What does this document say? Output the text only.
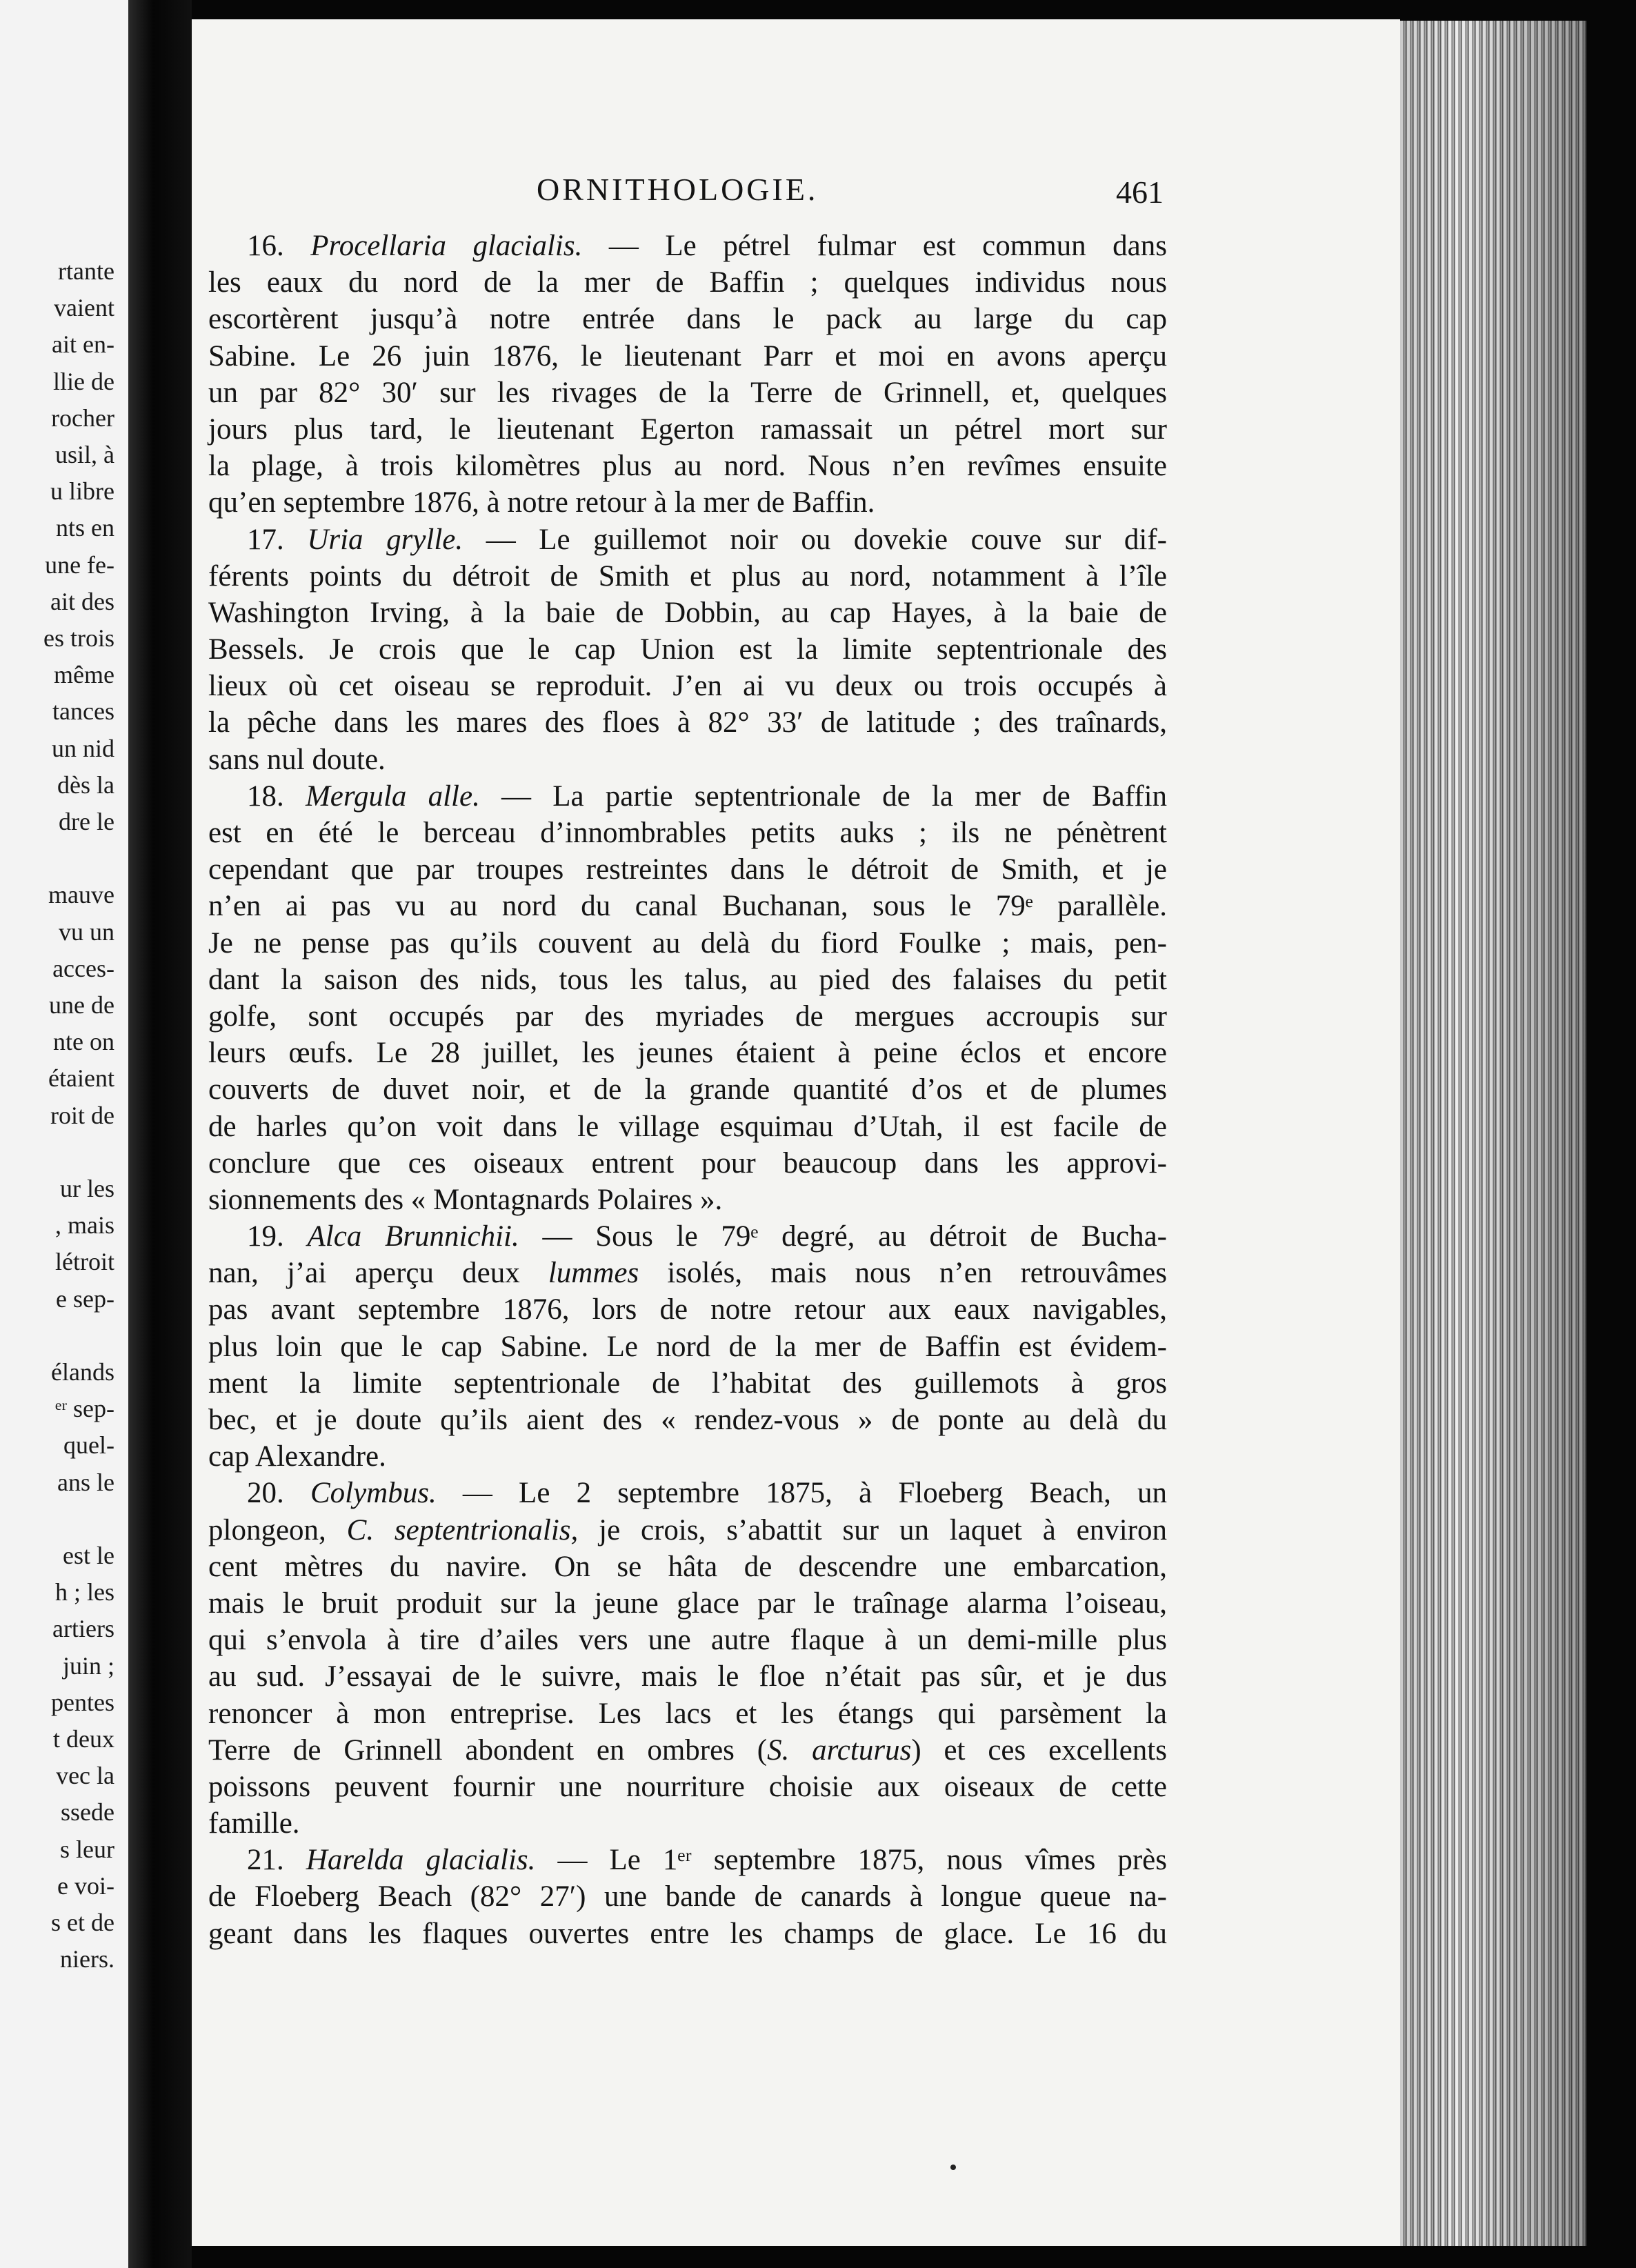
rtante
vaient
ait en-
llie de
rocher
usil, à
u libre
nts en
une fe-
ait des
es trois
même
tances
un nid
dès la
dre le
mauve
vu un
acces-
une de
nte on
étaient
roit de
ur les
, mais
létroit
e sep-
élands
ᵉʳ sep-
quel-
ans le
est le
h ; les
artiers
juin ;
pentes
t deux
vec la
ssede
s leur
e voi-
s et de
niers.
ORNITHOLOGIE.	461
16. Procellaria glacialis. — Le pétrel fulmar est commun dans
les eaux du nord de la mer de Baffin ; quelques individus nous
escortèrent jusqu’à notre entrée dans le pack au large du cap
Sabine. Le 26 juin 1876, le lieutenant Parr et moi en avons aperçu
un par 82° 30′ sur les rivages de la Terre de Grinnell, et, quelques
jours plus tard, le lieutenant Egerton ramassait un pétrel mort sur
la plage, à trois kilomètres plus au nord. Nous n’en revîmes ensuite
qu’en septembre 1876, à notre retour à la mer de Baffin.
17. Uria grylle. — Le guillemot noir ou dovekie couve sur dif-
férents points du détroit de Smith et plus au nord, notamment à l’île
Washington Irving, à la baie de Dobbin, au cap Hayes, à la baie de
Bessels. Je crois que le cap Union est la limite septentrionale des
lieux où cet oiseau se reproduit. J’en ai vu deux ou trois occupés à
la pêche dans les mares des floes à 82° 33′ de latitude ; des traînards,
sans nul doute.
18. Mergula alle. — La partie septentrionale de la mer de Baffin
est en été le berceau d’innombrables petits auks ; ils ne pénètrent
cependant que par troupes restreintes dans le détroit de Smith, et je
n’en ai pas vu au nord du canal Buchanan, sous le 79ᵉ parallèle.
Je ne pense pas qu’ils couvent au delà du fiord Foulke ; mais, pen-
dant la saison des nids, tous les talus, au pied des falaises du petit
golfe, sont occupés par des myriades de mergues accroupis sur
leurs œufs. Le 28 juillet, les jeunes étaient à peine éclos et encore
couverts de duvet noir, et de la grande quantité d’os et de plumes
de harles qu’on voit dans le village esquimau d’Utah, il est facile de
conclure que ces oiseaux entrent pour beaucoup dans les approvi-
sionnements des « Montagnards Polaires ».
19. Alca Brunnichii. — Sous le 79ᵉ degré, au détroit de Bucha-
nan, j’ai aperçu deux lummes isolés, mais nous n’en retrouvâmes
pas avant septembre 1876, lors de notre retour aux eaux navigables,
plus loin que le cap Sabine. Le nord de la mer de Baffin est évidem-
ment la limite septentrionale de l’habitat des guillemots à gros
bec, et je doute qu’ils aient des « rendez-vous » de ponte au delà du
cap Alexandre.
20. Colymbus. — Le 2 septembre 1875, à Floeberg Beach, un
plongeon, C. septentrionalis, je crois, s’abattit sur un laquet à environ
cent mètres du navire. On se hâta de descendre une embarcation,
mais le bruit produit sur la jeune glace par le traînage alarma l’oiseau,
qui s’envola à tire d’ailes vers une autre flaque à un demi-mille plus
au sud. J’essayai de le suivre, mais le floe n’était pas sûr, et je dus
renoncer à mon entreprise. Les lacs et les étangs qui parsèment la
Terre de Grinnell abondent en ombres (S. arcturus) et ces excellents
poissons peuvent fournir une nourriture choisie aux oiseaux de cette
famille.
21. Harelda glacialis. — Le 1ᵉʳ septembre 1875, nous vîmes près
de Floeberg Beach (82° 27′) une bande de canards à longue queue na-
geant dans les flaques ouvertes entre les champs de glace. Le 16 du
